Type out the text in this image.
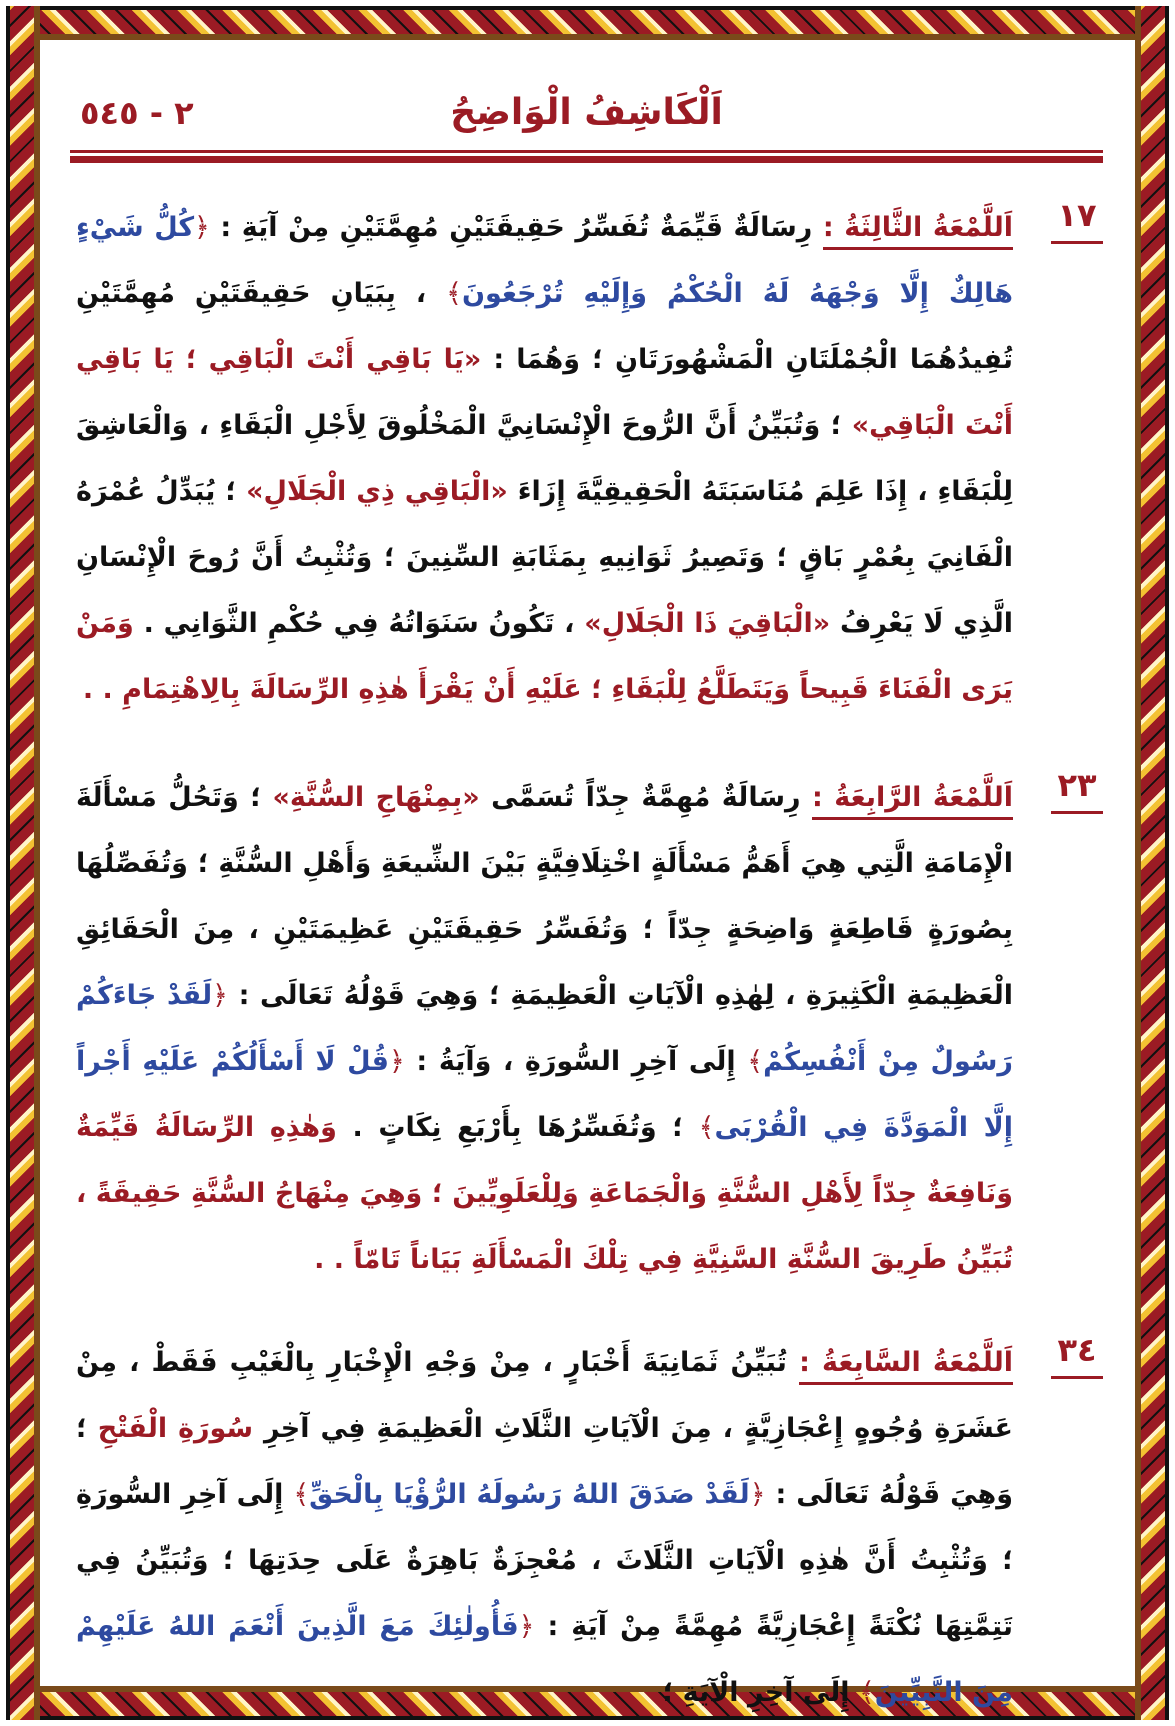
اَلْكَاشِفُ الْوَاضِحُ
٢ - ٥٤٥
١٧
اَللَّمْعَةُ الثَّالِثَةُ : رِسَالَةٌ قَيِّمَةٌ تُفَسِّرُ حَقِيقَتَيْنِ مُهِمَّتَيْنِ مِنْ آيَةِ : ﴿كُلُّ شَيْءٍ هَالِكٌ إِلَّا وَجْهَهُ لَهُ الْحُكْمُ وَإِلَيْهِ تُرْجَعُونَ﴾ ، بِبَيَانِ حَقِيقَتَيْنِ مُهِمَّتَيْنِ تُفِيدُهُمَا الْجُمْلَتَانِ الْمَشْهُورَتَانِ ؛ وَهُمَا : «يَا بَاقِي أَنْتَ الْبَاقِي ؛ يَا بَاقِي أَنْتَ الْبَاقِي» ؛ وَتُبَيِّنُ أَنَّ الرُّوحَ الْإِنْسَانِيَّ الْمَخْلُوقَ لِأَجْلِ الْبَقَاءِ ، وَالْعَاشِقَ لِلْبَقَاءِ ، إِذَا عَلِمَ مُنَاسَبَتَهُ الْحَقِيقِيَّةَ إِزَاءَ «الْبَاقِي ذِي الْجَلَالِ» ؛ يُبَدِّلُ عُمْرَهُ الْفَانِيَ بِعُمْرٍ بَاقٍ ؛ وَتَصِيرُ ثَوَانِيهِ بِمَثَابَةِ السِّنِينَ ؛ وَتُثْبِتُ أَنَّ رُوحَ الْإِنْسَانِ الَّذِي لَا يَعْرِفُ «الْبَاقِيَ ذَا الْجَلَالِ» ، تَكُونُ سَنَوَاتُهُ فِي حُكْمِ الثَّوَانِي . وَمَنْ يَرَى الْفَنَاءَ قَبِيحاً وَيَتَطَلَّعُ لِلْبَقَاءِ ؛ عَلَيْهِ أَنْ يَقْرَأَ هٰذِهِ الرِّسَالَةَ بِالِاهْتِمَامِ . .
٢٣
اَللَّمْعَةُ الرَّابِعَةُ : رِسَالَةٌ مُهِمَّةٌ جِدّاً تُسَمَّى «بِمِنْهَاجِ السُّنَّةِ» ؛ وَتَحُلُّ مَسْأَلَةَ الْإِمَامَةِ الَّتِي هِيَ أَهَمُّ مَسْأَلَةٍ اخْتِلَافِيَّةٍ بَيْنَ الشِّيعَةِ وَأَهْلِ السُّنَّةِ ؛ وَتُفَصِّلُهَا بِصُورَةٍ قَاطِعَةٍ وَاضِحَةٍ جِدّاً ؛ وَتُفَسِّرُ حَقِيقَتَيْنِ عَظِيمَتَيْنِ ، مِنَ الْحَقَائِقِ الْعَظِيمَةِ الْكَثِيرَةِ ، لِهٰذِهِ الْآيَاتِ الْعَظِيمَةِ ؛ وَهِيَ قَوْلُهُ تَعَالَى : ﴿لَقَدْ جَاءَكُمْ رَسُولٌ مِنْ أَنْفُسِكُمْ﴾ إِلَى آخِرِ السُّورَةِ ، وَآيَةُ : ﴿قُلْ لَا أَسْأَلُكُمْ عَلَيْهِ أَجْراً إِلَّا الْمَوَدَّةَ فِي الْقُرْبَى﴾ ؛ وَتُفَسِّرُهَا بِأَرْبَعِ نِكَاتٍ . وَهٰذِهِ الرِّسَالَةُ قَيِّمَةٌ وَنَافِعَةٌ جِدّاً لِأَهْلِ السُّنَّةِ وَالْجَمَاعَةِ وَلِلْعَلَوِيِّينَ ؛ وَهِيَ مِنْهَاجُ السُّنَّةِ حَقِيقَةً ، تُبَيِّنُ طَرِيقَ السُّنَّةِ السَّنِيَّةِ فِي تِلْكَ الْمَسْأَلَةِ بَيَاناً تَامّاً . .
٣٤
اَللَّمْعَةُ السَّابِعَةُ : تُبَيِّنُ ثَمَانِيَةَ أَخْبَارٍ ، مِنْ وَجْهِ الْإِخْبَارِ بِالْغَيْبِ فَقَطْ ، مِنْ عَشَرَةِ وُجُوهٍ إِعْجَازِيَّةٍ ، مِنَ الْآيَاتِ الثَّلَاثِ الْعَظِيمَةِ فِي آخِرِ سُورَةِ الْفَتْحِ ؛ وَهِيَ قَوْلُهُ تَعَالَى : ﴿لَقَدْ صَدَقَ اللهُ رَسُولَهُ الرُّؤْيَا بِالْحَقِّ﴾ إِلَى آخِرِ السُّورَةِ ؛ وَتُثْبِتُ أَنَّ هٰذِهِ الْآيَاتِ الثَّلَاثَ ، مُعْجِزَةٌ بَاهِرَةٌ عَلَى حِدَتِهَا ؛ وَتُبَيِّنُ فِي تَتِمَّتِهَا نُكْتَةً إِعْجَازِيَّةً مُهِمَّةً مِنْ آيَةِ : ﴿فَأُولٰئِكَ مَعَ الَّذِينَ أَنْعَمَ اللهُ عَلَيْهِمْ مِنَ النَّبِيِّينَ﴾ إِلَى آخِرِ الْآيَةِ ؛
